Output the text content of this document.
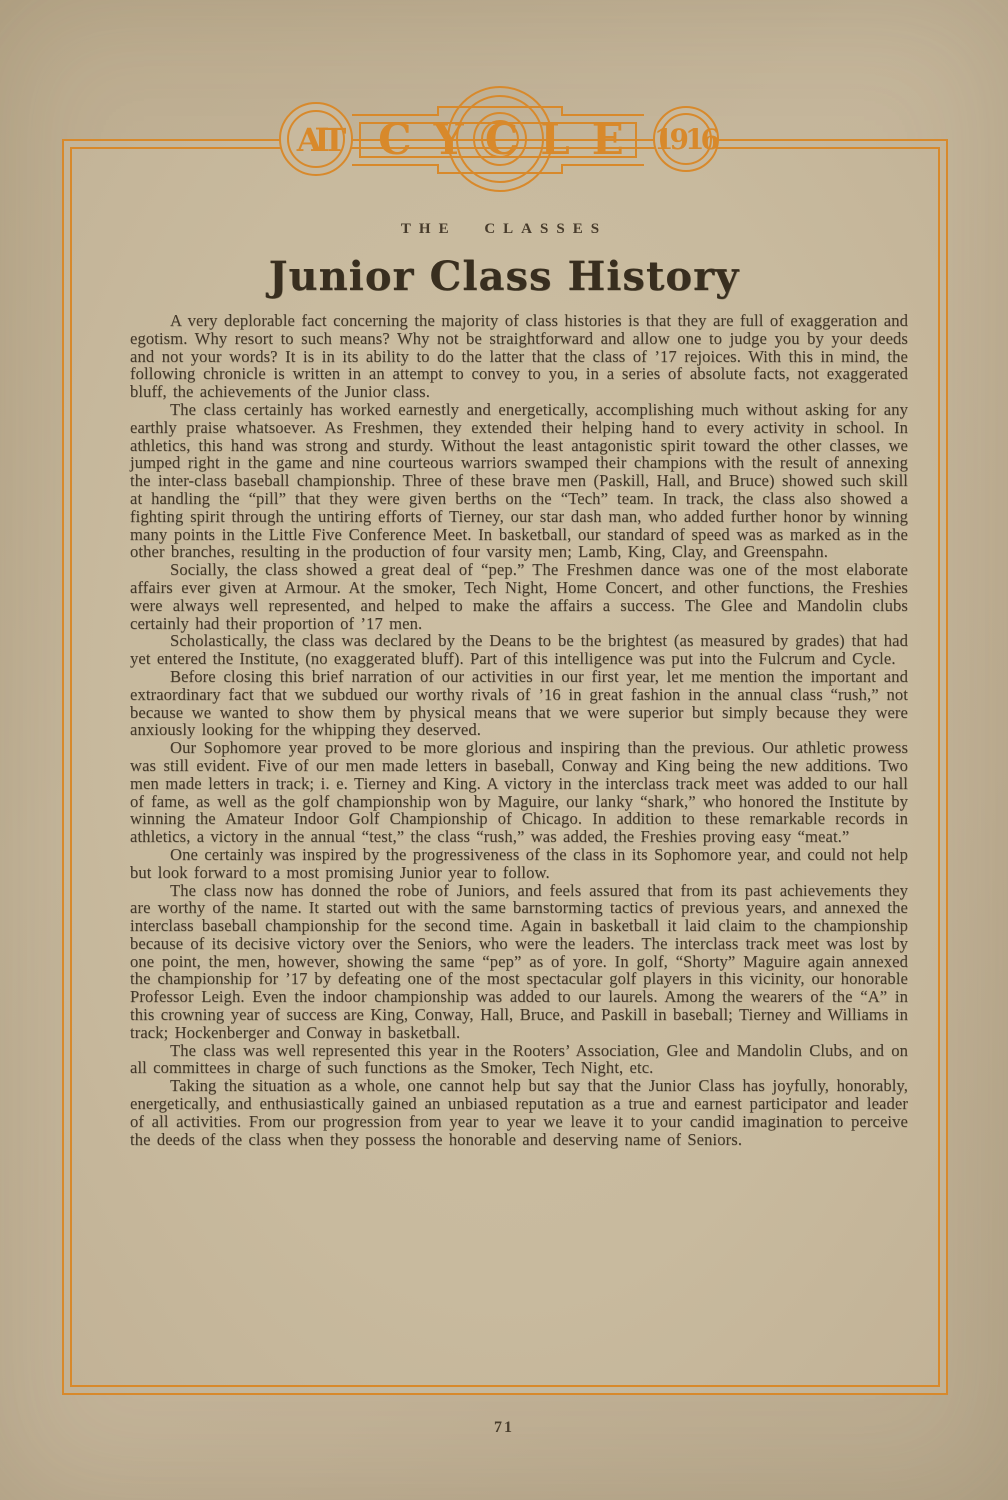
AIT CYCLE 1916
THE CLASSES
Junior Class History

A very deplorable fact concerning the majority of class histories is that they are full of exaggeration and egotism. Why resort to such means? Why not be straightforward and allow one to judge you by your deeds and not your words? It is in its ability to do the latter that the class of ’17 rejoices. With this in mind, the following chronicle is written in an attempt to convey to you, in a series of absolute facts, not exaggerated bluff, the achievements of the Junior class.

The class certainly has worked earnestly and energetically, accomplishing much without asking for any earthly praise whatsoever. As Freshmen, they extended their helping hand to every activity in school. In athletics, this hand was strong and sturdy. Without the least antagonistic spirit toward the other classes, we jumped right in the game and nine courteous warriors swamped their champions with the result of annexing the inter-class baseball championship. Three of these brave men (Paskill, Hall, and Bruce) showed such skill at handling the “pill” that they were given berths on the “Tech” team. In track, the class also showed a fighting spirit through the untiring efforts of Tierney, our star dash man, who added further honor by winning many points in the Little Five Conference Meet. In basketball, our standard of speed was as marked as in the other branches, resulting in the production of four varsity men; Lamb, King, Clay, and Greenspahn.

Socially, the class showed a great deal of “pep.” The Freshmen dance was one of the most elaborate affairs ever given at Armour. At the smoker, Tech Night, Home Concert, and other functions, the Freshies were always well represented, and helped to make the affairs a success. The Glee and Mandolin clubs certainly had their proportion of ’17 men.

Scholastically, the class was declared by the Deans to be the brightest (as measured by grades) that had yet entered the Institute, (no exaggerated bluff). Part of this intelligence was put into the Fulcrum and Cycle.

Before closing this brief narration of our activities in our first year, let me mention the important and extraordinary fact that we subdued our worthy rivals of ’16 in great fashion in the annual class “rush,” not because we wanted to show them by physical means that we were superior but simply because they were anxiously looking for the whipping they deserved.

Our Sophomore year proved to be more glorious and inspiring than the previous. Our athletic prowess was still evident. Five of our men made letters in baseball, Conway and King being the new additions. Two men made letters in track; i. e. Tierney and King. A victory in the interclass track meet was added to our hall of fame, as well as the golf championship won by Maguire, our lanky “shark,” who honored the Institute by winning the Amateur Indoor Golf Championship of Chicago. In addition to these remarkable records in athletics, a victory in the annual “test,” the class “rush,” was added, the Freshies proving easy “meat.”

One certainly was inspired by the progressiveness of the class in its Sophomore year, and could not help but look forward to a most promising Junior year to follow.

The class now has donned the robe of Juniors, and feels assured that from its past achievements they are worthy of the name. It started out with the same barnstorming tactics of previous years, and annexed the interclass baseball championship for the second time. Again in basketball it laid claim to the championship because of its decisive victory over the Seniors, who were the leaders. The interclass track meet was lost by one point, the men, however, showing the same “pep” as of yore. In golf, “Shorty” Maguire again annexed the championship for ’17 by defeating one of the most spectacular golf players in this vicinity, our honorable Professor Leigh. Even the indoor championship was added to our laurels. Among the wearers of the “A” in this crowning year of success are King, Conway, Hall, Bruce, and Paskill in baseball; Tierney and Williams in track; Hockenberger and Conway in basketball.

The class was well represented this year in the Rooters’ Association, Glee and Mandolin Clubs, and on all committees in charge of such functions as the Smoker, Tech Night, etc.

Taking the situation as a whole, one cannot help but say that the Junior Class has joyfully, honorably, energetically, and enthusiastically gained an unbiased reputation as a true and earnest participator and leader of all activities. From our progression from year to year we leave it to your candid imagination to perceive the deeds of the class when they possess the honorable and deserving name of Seniors.

71
